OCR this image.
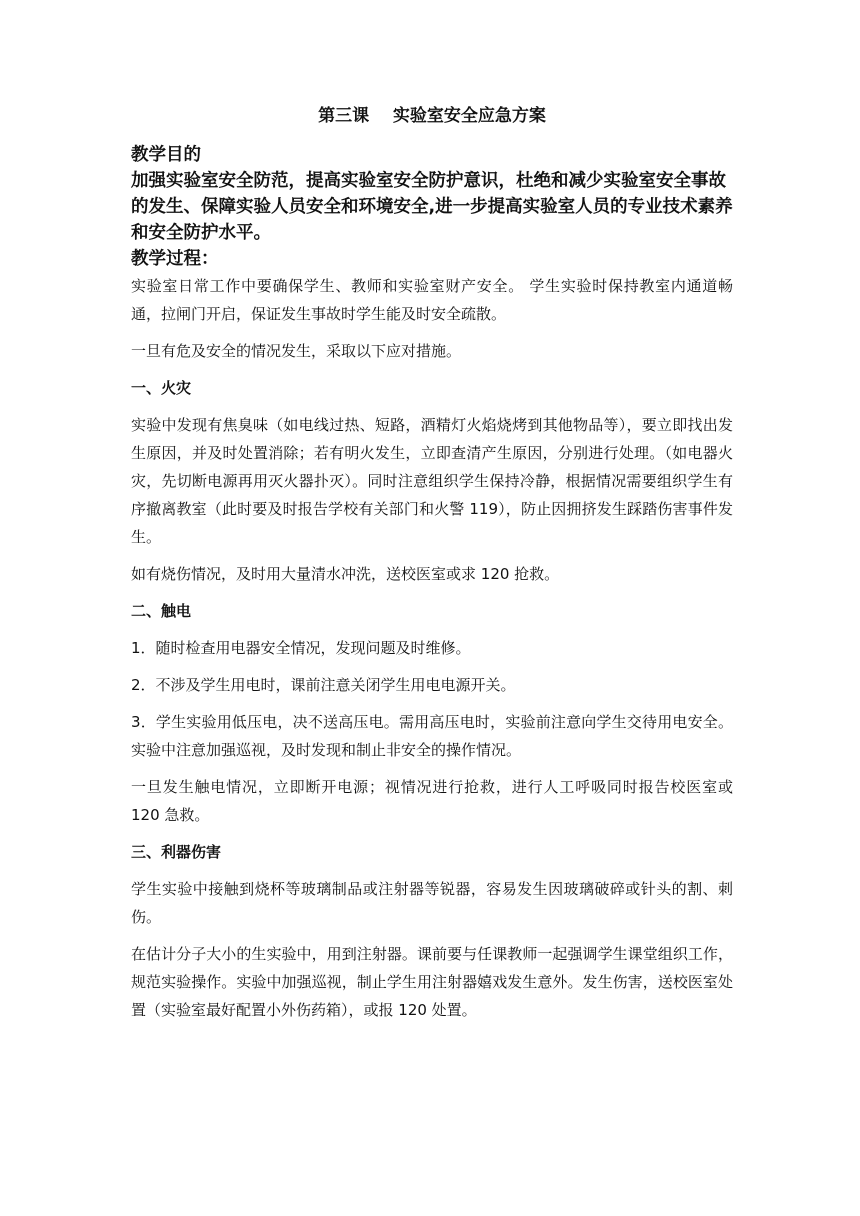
第三课    实验室安全应急方案
教学目的
加强实验室安全防范，提高实验室安全防护意识，杜绝和减少实验室安全事故的发生、保障实验人员安全和环境安全,进一步提高实验室人员的专业技术素养和安全防护水平。
教学过程：

实验室日常工作中要确保学生、教师和实验室财产安全。 学生实验时保持教室内通道畅通，拉闸门开启，保证发生事故时学生能及时安全疏散。

一旦有危及安全的情况发生，采取以下应对措施。

一、火灾

实验中发现有焦臭味（如电线过热、短路，酒精灯火焰烧烤到其他物品等），要立即找出发生原因，并及时处置消除；若有明火发生，立即查清产生原因，分别进行处理。（如电器火灾，先切断电源再用灭火器扑灭）。同时注意组织学生保持冷静，根据情况需要组织学生有序撤离教室（此时要及时报告学校有关部门和火警 119），防止因拥挤发生踩踏伤害事件发生。

如有烧伤情况，及时用大量清水冲洗，送校医室或求 120 抢救。

二、触电

1．随时检查用电器安全情况，发现问题及时维修。

2．不涉及学生用电时，课前注意关闭学生用电电源开关。

3．学生实验用低压电，决不送高压电。需用高压电时，实验前注意向学生交待用电安全。实验中注意加强巡视，及时发现和制止非安全的操作情况。

一旦发生触电情况，立即断开电源；视情况进行抢救，进行人工呼吸同时报告校医室或 120 急救。

三、利器伤害

学生实验中接触到烧杯等玻璃制品或注射器等锐器，容易发生因玻璃破碎或针头的割、刺伤。

在估计分子大小的生实验中，用到注射器。课前要与任课教师一起强调学生课堂组织工作，规范实验操作。实验中加强巡视，制止学生用注射器嬉戏发生意外。发生伤害，送校医室处置（实验室最好配置小外伤药箱），或报 120 处置。
